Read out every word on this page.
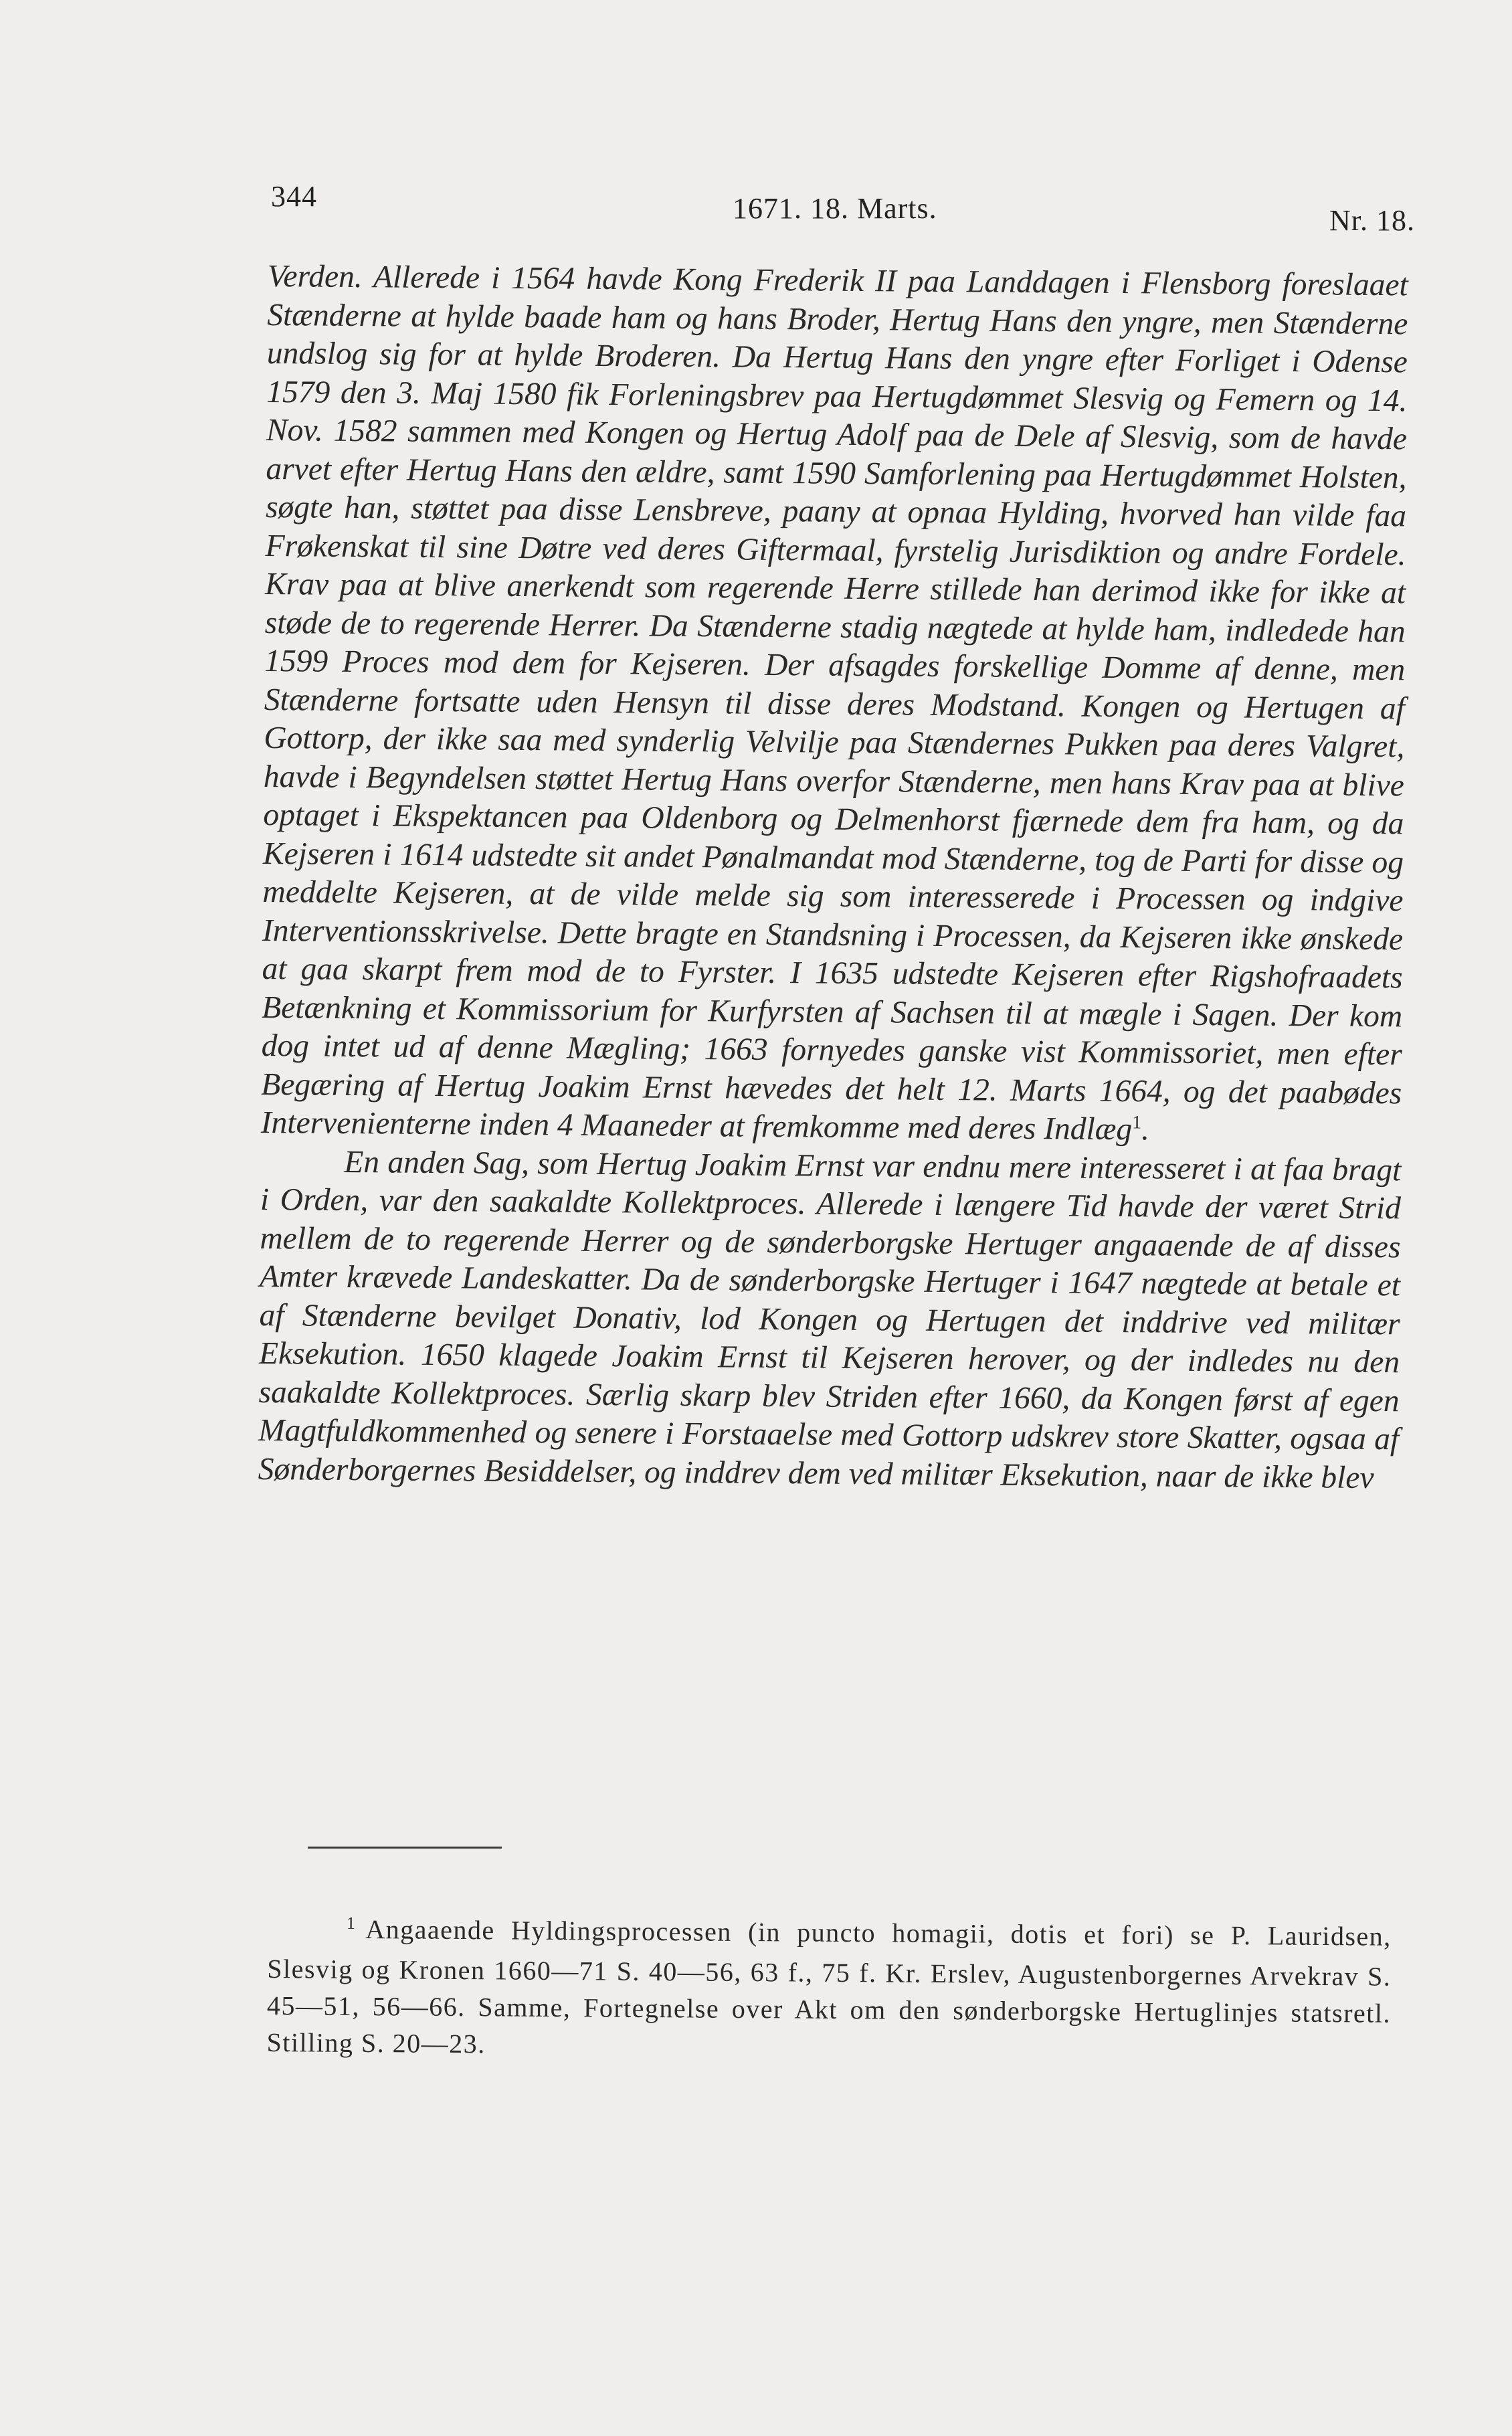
344	1671. 18. Marts.	Nr. 18.

Verden. Allerede i 1564 havde Kong Frederik II paa Landdagen i Flensborg foreslaaet Stænderne at hylde baade ham og hans Broder, Hertug Hans den yngre, men Stænderne undslog sig for at hylde Broderen. Da Hertug Hans den yngre efter Forliget i Odense 1579 den 3. Maj 1580 fik Forleningsbrev paa Hertugdømmet Slesvig og Femern og 14. Nov. 1582 sammen med Kongen og Hertug Adolf paa de Dele af Slesvig, som de havde arvet efter Hertug Hans den ældre, samt 1590 Samforlening paa Hertugdømmet Holsten, søgte han, støttet paa disse Lensbreve, paany at opnaa Hylding, hvorved han vilde faa Frøkenskat til sine Døtre ved deres Giftermaal, fyrstelig Jurisdiktion og andre Fordele. Krav paa at blive anerkendt som regerende Herre stillede han derimod ikke for ikke at støde de to regerende Herrer. Da Stænderne stadig nægtede at hylde ham, indledede han 1599 Proces mod dem for Kejseren. Der afsagdes forskellige Domme af denne, men Stænderne fortsatte uden Hensyn til disse deres Modstand. Kongen og Hertugen af Gottorp, der ikke saa med synderlig Velvilje paa Stændernes Pukken paa deres Valgret, havde i Begyndelsen støttet Hertug Hans overfor Stænderne, men hans Krav paa at blive optaget i Ekspektancen paa Oldenborg og Delmenhorst fjærnede dem fra ham, og da Kejseren i 1614 udstedte sit andet Pønalmandat mod Stænderne, tog de Parti for disse og meddelte Kejseren, at de vilde melde sig som interesserede i Processen og indgive Interventionsskrivelse. Dette bragte en Standsning i Processen, da Kejseren ikke ønskede at gaa skarpt frem mod de to Fyrster. I 1635 udstedte Kejseren efter Rigshofraadets Betænkning et Kommissorium for Kurfyrsten af Sachsen til at mægle i Sagen. Der kom dog intet ud af denne Mægling; 1663 fornyedes ganske vist Kommissoriet, men efter Begæring af Hertug Joakim Ernst hævedes det helt 12. Marts 1664, og det paabødes Intervenienterne inden 4 Maaneder at fremkomme med deres Indlæg$^1$.

En anden Sag, som Hertug Joakim Ernst var endnu mere interesseret i at faa bragt i Orden, var den saakaldte Kollektproces. Allerede i længere Tid havde der været Strid mellem de to regerende Herrer og de sønderborgske Hertuger angaaende de af disses Amter krævede Landeskatter. Da de sønderborgske Hertuger i 1647 nægtede at betale et af Stænderne bevilget Donativ, lod Kongen og Hertugen det inddrive ved militær Eksekution. 1650 klagede Joakim Ernst til Kejseren herover, og der indledes nu den saakaldte Kollektproces. Særlig skarp blev Striden efter 1660, da Kongen først af egen Magtfuldkommenhed og senere i Forstaaelse med Gottorp udskrev store Skatter, ogsaa af Sønderborgernes Besiddelser, og inddrev dem ved militær Eksekution, naar de ikke blev

$^1$ Angaaende Hyldingsprocessen (in puncto homagii, dotis et fori) se P. Lauridsen, Slesvig og Kronen 1660—71 S. 40—56, 63 f., 75 f. Kr. Erslev, Augustenborgernes Arvekrav S. 45—51, 56—66. Samme, Fortegnelse over Akt om den sønderborgske Hertuglinjes statsretl. Stilling S. 20—23.
